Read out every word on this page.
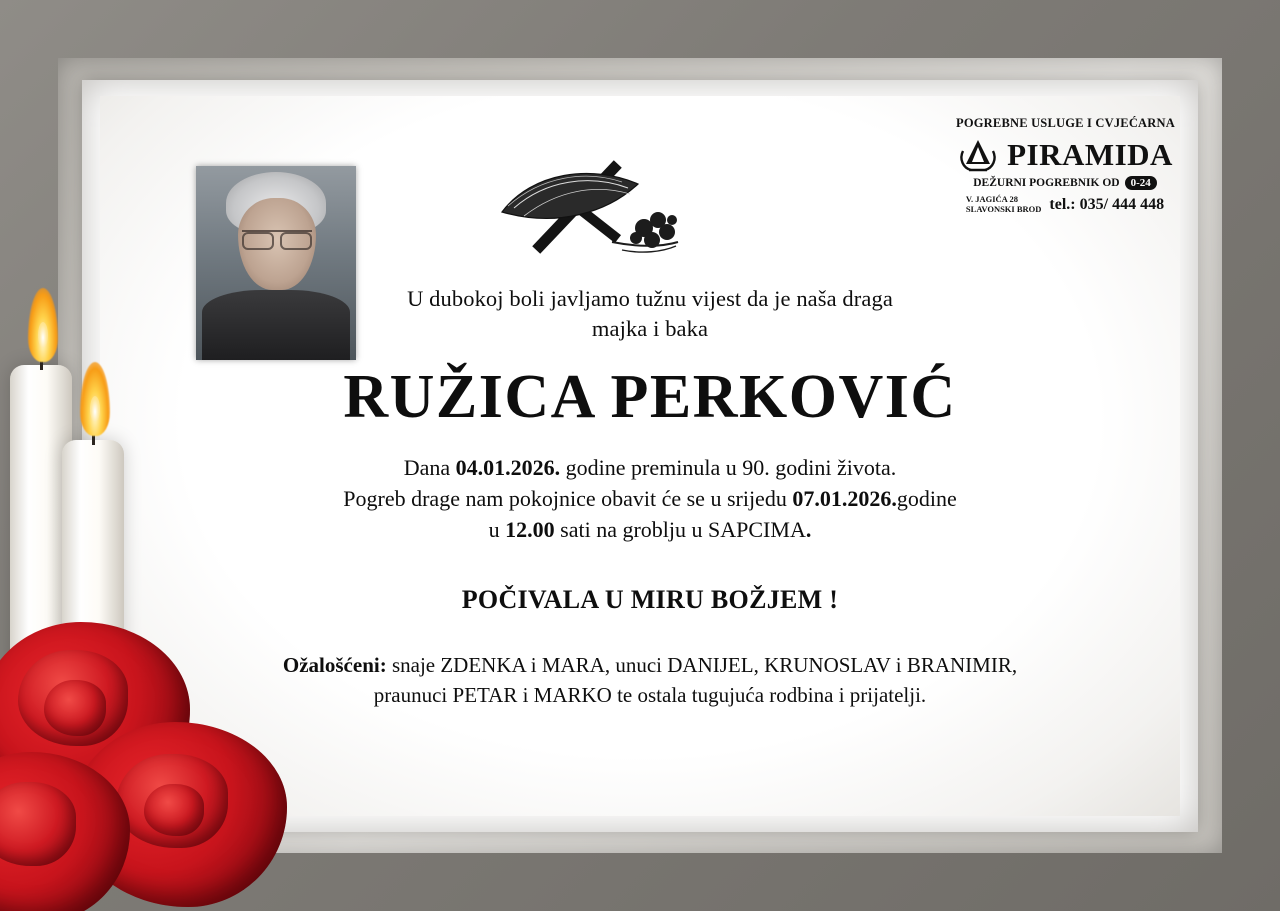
POGREBNE USLUGE I CVJEĆARNA
PIRAMIDA
DEŽURNI POGREBNIK OD	0-24
V. JAGIĆA 28
SLAVONSKI BROD tel.: 035/ 444 448

U dubokoj boli javljamo tužnu vijest da je naša draga
majka i baka

RUŽICA PERKOVIĆ

Dana 04.01.2026. godine preminula u 90. godini života.
Pogreb drage nam pokojnice obavit će se u srijedu 07.01.2026.godine
u 12.00 sati na groblju u SAPCIMA.

POČIVALA U MIRU BOŽJEM !

Ožalošćeni: snaje ZDENKA i MARA, unuci DANIJEL, KRUNOSLAV i BRANIMIR,
praunuci PETAR i MARKO te ostala tugujuća rodbina i prijatelji.
